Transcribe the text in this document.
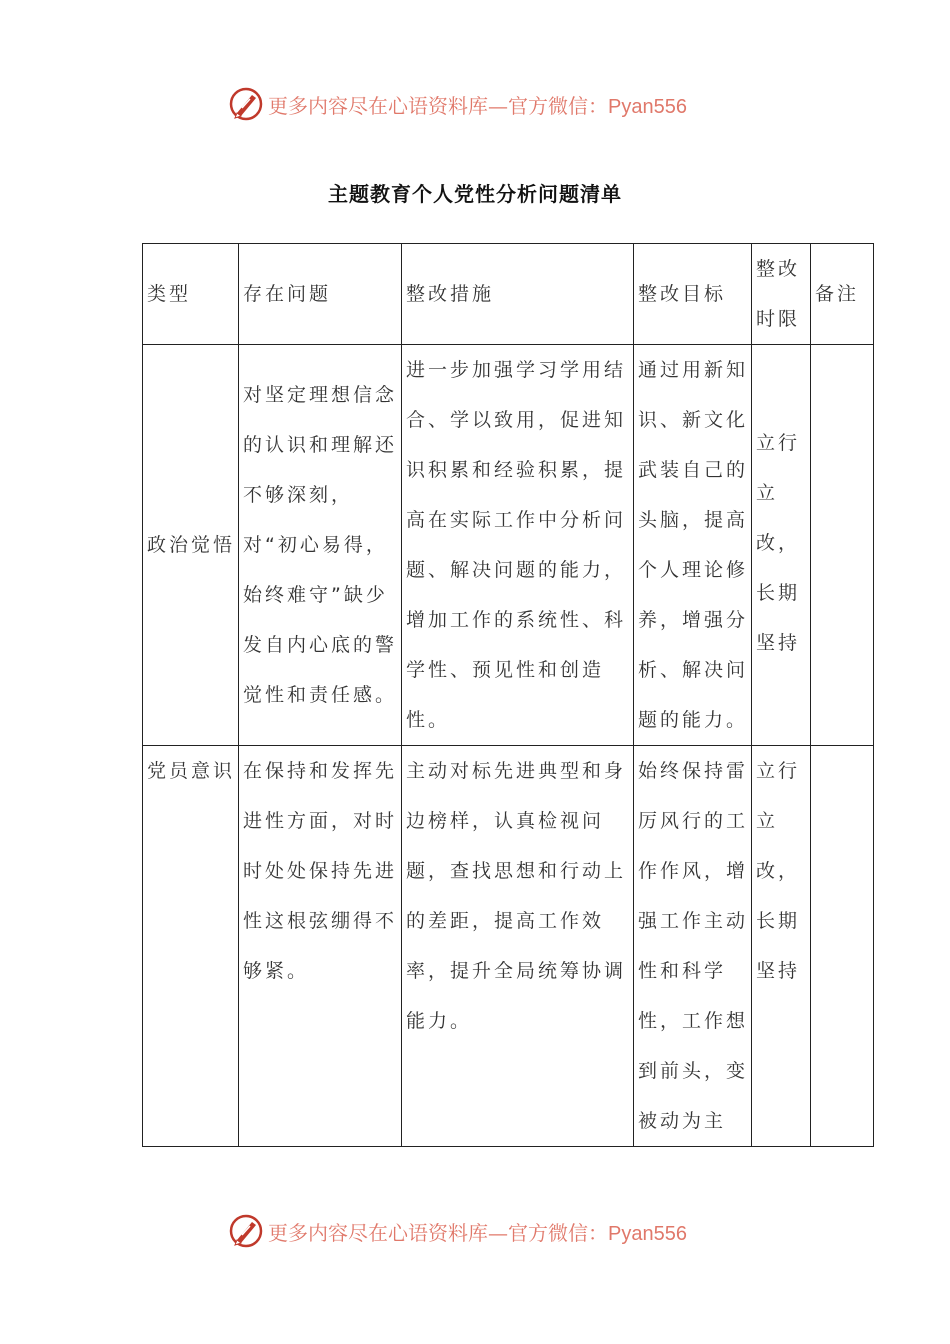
更多内容尽在心语资料库—官方微信：Pyan556
主题教育个人党性分析问题清单
类型	存在问题	整改措施	整改目标	整改时限	备注
政治觉悟	对坚定理想信念的认识和理解还不够深刻，对“初心易得，始终难守”缺少发自内心底的警觉性和责任感。	进一步加强学习学用结合、学以致用，促进知识积累和经验积累，提高在实际工作中分析问题、解决问题的能力，增加工作的系统性、科学性、预见性和创造性。	通过用新知识、新文化武装自己的头脑，提高个人理论修养，增强分析、解决问题的能力。	立行立改，长期坚持	

党员意识	在保持和发挥先进性方面，对时时处处保持先进性这根弦绷得不够紧。	主动对标先进典型和身边榜样，认真检视问题，查找思想和行动上的差距，提高工作效率，提升全局统筹协调能力。	始终保持雷厉风行的工作作风，增强工作主动性和科学性，工作想到前头，变被动为主	立行立改，长期坚持	
更多内容尽在心语资料库—官方微信：Pyan556
